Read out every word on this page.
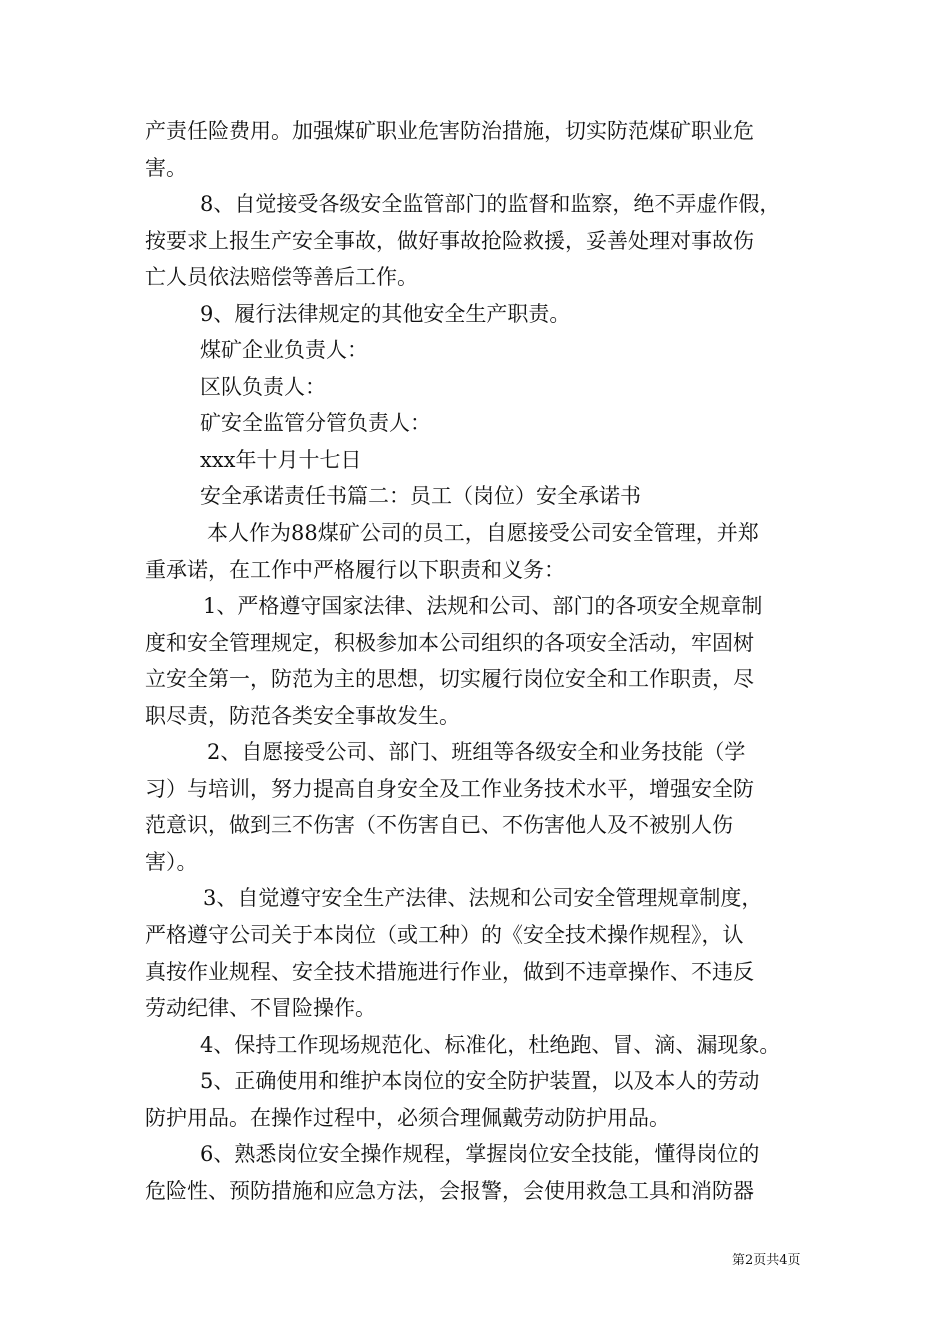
产责任险费用。加强煤矿职业危害防治措施，切实防范煤矿职业危
害。
8、自觉接受各级安全监管部门的监督和监察，绝不弄虚作假，
按要求上报生产安全事故，做好事故抢险救援，妥善处理对事故伤
亡人员依法赔偿等善后工作。
9、履行法律规定的其他安全生产职责。
煤矿企业负责人：
区队负责人：
矿安全监管分管负责人：
xxx年十月十七日
安全承诺责任书篇二：员工（岗位）安全承诺书
本人作为88煤矿公司的员工，自愿接受公司安全管理，并郑
重承诺，在工作中严格履行以下职责和义务：
1、严格遵守国家法律、法规和公司、部门的各项安全规章制
度和安全管理规定，积极参加本公司组织的各项安全活动，牢固树
立安全第一，防范为主的思想，切实履行岗位安全和工作职责，尽
职尽责，防范各类安全事故发生。
2、自愿接受公司、部门、班组等各级安全和业务技能（学
习）与培训，努力提高自身安全及工作业务技术水平，增强安全防
范意识，做到三不伤害（不伤害自已、不伤害他人及不被别人伤
害）。
3、自觉遵守安全生产法律、法规和公司安全管理规章制度，
严格遵守公司关于本岗位（或工种）的《安全技术操作规程》，认
真按作业规程、安全技术措施进行作业，做到不违章操作、不违反
劳动纪律、不冒险操作。
4、保持工作现场规范化、标准化，杜绝跑、冒、滴、漏现象。
5、正确使用和维护本岗位的安全防护装置，以及本人的劳动
防护用品。在操作过程中，必须合理佩戴劳动防护用品。
6、熟悉岗位安全操作规程，掌握岗位安全技能，懂得岗位的
危险性、预防措施和应急方法，会报警，会使用救急工具和消防器
第2页共4页
